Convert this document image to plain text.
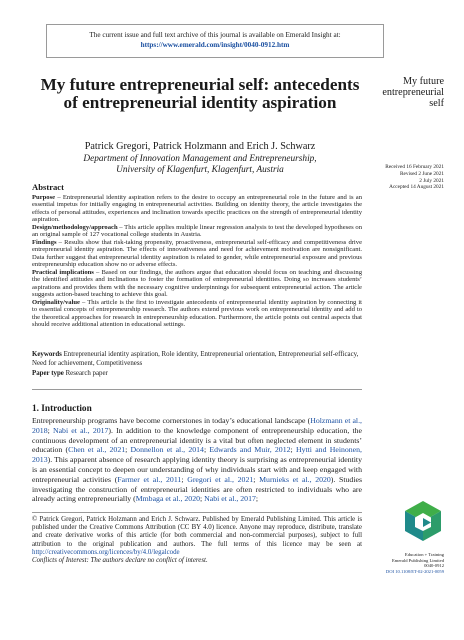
The current issue and full text archive of this journal is available on Emerald Insight at:
https://www.emerald.com/insight/0040-0912.htm
My future entrepreneurial self: antecedents of entrepreneurial identity aspiration
Patrick Gregori, Patrick Holzmann and Erich J. Schwarz
Department of Innovation Management and Entrepreneurship,
University of Klagenfurt, Klagenfurt, Austria
My future entrepreneurial self
Received 16 February 2021
Revised 2 June 2021
2 July 2021
Accepted 14 August 2021
Abstract

Purpose – Entrepreneurial identity aspiration refers to the desire to occupy an entrepreneurial role in the future and is an essential impetus for initially engaging in entrepreneurial activities. Building on identity theory, the article investigates the effects of personal attitudes, experiences and inclination towards specific practices on the strength of entrepreneurial identity aspiration.

Design/methodology/approach – This article applies multiple linear regression analysis to test the developed hypotheses on an original sample of 127 vocational college students in Austria.

Findings – Results show that risk-taking propensity, proactiveness, entrepreneurial self-efficacy and competitiveness drive entrepreneurial identity aspiration. The effects of innovativeness and need for achievement motivation are nonsignificant. Data further suggest that entrepreneurial identity aspiration is related to gender, while entrepreneurial exposure and previous entrepreneurship education show no or adverse effects.

Practical implications – Based on our findings, the authors argue that education should focus on teaching and discussing the identified attitudes and inclinations to foster the formation of entrepreneurial identities. Doing so increases students’ aspirations and provides them with the necessary cognitive underpinnings for subsequent entrepreneurial action. The article suggests action-based teaching to achieve this goal.

Originality/value – This article is the first to investigate antecedents of entrepreneurial identity aspiration by connecting it to essential concepts of entrepreneurship research. The authors extend previous work on entrepreneurial identity and add to the theoretical approaches for research in entrepreneurship education. Furthermore, the article points out central aspects that should receive additional attention in educational settings.

Keywords Entrepreneurial identity aspiration, Role identity, Entrepreneurial orientation, Entrepreneurial self-efficacy, Need for achievement, Competitiveness
Paper type Research paper
1. Introduction

Entrepreneurship programs have become cornerstones in today’s educational landscape (Holzmann et al., 2018; Nabi et al., 2017). In addition to the knowledge component of entrepreneurship education, the continuous development of an entrepreneurial identity is a vital but often neglected element in students’ education (Chen et al., 2021; Donnellon et al., 2014; Edwards and Muir, 2012; Hytti and Heinonen, 2013). This apparent absence of research applying identity theory is surprising as entrepreneurial identity is an essential concept to deepen our understanding of why individuals start with and keep engaged with entrepreneurial activities (Farmer et al., 2011; Gregori et al., 2021; Murnieks et al., 2020). Studies investigating the construction of entrepreneurial identities are often restricted to individuals who are already acting entrepreneurially (Mmbaga et al., 2020; Nabi et al., 2017;

© Patrick Gregori, Patrick Holzmann and Erich J. Schwarz. Published by Emerald Publishing Limited. This article is published under the Creative Commons Attribution (CC BY 4.0) licence. Anyone may reproduce, distribute, translate and create derivative works of this article (for both commercial and non-commercial purposes), subject to full attribution to the original publication and authors. The full terms of this licence may be seen at http://creativecommons.org/licences/by/4.0/legalcode
Conflicts of Interest: The authors declare no conflict of interest.
Education + Training
Emerald Publishing Limited
0040-0912
DOI 10.1108/ET-02-2021-0059
